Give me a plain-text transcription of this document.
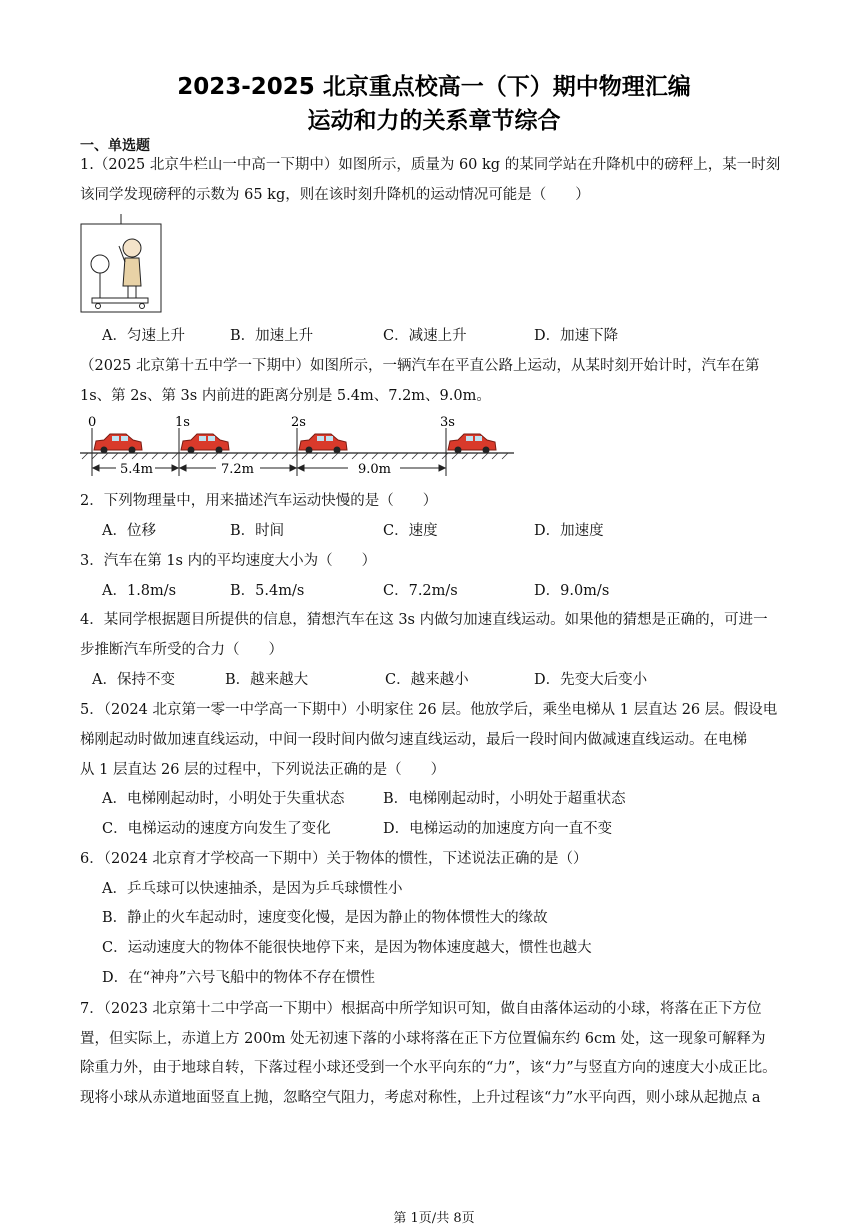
2023-2025 北京重点校高一（下）期中物理汇编
运动和力的关系章节综合
一、单选题
1.（2025 北京牛栏山一中高一下期中）如图所示，质量为 60 kg 的某同学站在升降机中的磅秤上，某一时刻
该同学发现磅秤的示数为 65 kg，则在该时刻升降机的运动情况可能是（　　）
A．匀速上升	B．加速上升	C．减速上升	D．加速下降
（2025 北京第十五中学一下期中）如图所示，一辆汽车在平直公路上运动，从某时刻开始计时，汽车在第
1s、第 2s、第 3s 内前进的距离分别是 5.4m、7.2m、9.0m。
0	1s	2s	3s
5.4m	7.2m	9.0m
2．下列物理量中，用来描述汽车运动快慢的是（　　）
A．位移	B．时间	C．速度	D．加速度
3．汽车在第 1s 内的平均速度大小为（　　）
A．1.8m/s	B．5.4m/s	C．7.2m/s	D．9.0m/s
4．某同学根据题目所提供的信息，猜想汽车在这 3s 内做匀加速直线运动。如果他的猜想是正确的，可进一
步推断汽车所受的合力（　　）
A．保持不变	B．越来越大	C．越来越小	D．先变大后变小
5．（2024 北京第一零一中学高一下期中）小明家住 26 层。他放学后，乘坐电梯从 1 层直达 26 层。假设电
梯刚起动时做加速直线运动，中间一段时间内做匀速直线运动，最后一段时间内做减速直线运动。在电梯
从 1 层直达 26 层的过程中，下列说法正确的是（　　）
A．电梯刚起动时，小明处于失重状态	B．电梯刚起动时，小明处于超重状态
C．电梯运动的速度方向发生了变化	D．电梯运动的加速度方向一直不变
6．（2024 北京育才学校高一下期中）关于物体的惯性，下述说法正确的是（）
A．乒乓球可以快速抽杀，是因为乒乓球惯性小
B．静止的火车起动时，速度变化慢，是因为静止的物体惯性大的缘故
C．运动速度大的物体不能很快地停下来，是因为物体速度越大，惯性也越大
D．在“神舟”六号飞船中的物体不存在惯性
7．（2023 北京第十二中学高一下期中）根据高中所学知识可知，做自由落体运动的小球，将落在正下方位
置，但实际上，赤道上方 200m 处无初速下落的小球将落在正下方位置偏东约 6cm 处，这一现象可解释为
除重力外，由于地球自转，下落过程小球还受到一个水平向东的“力”，该“力”与竖直方向的速度大小成正比。
现将小球从赤道地面竖直上抛，忽略空气阻力，考虑对称性，上升过程该“力”水平向西，则小球从起抛点 a
第 1页/共 8页
